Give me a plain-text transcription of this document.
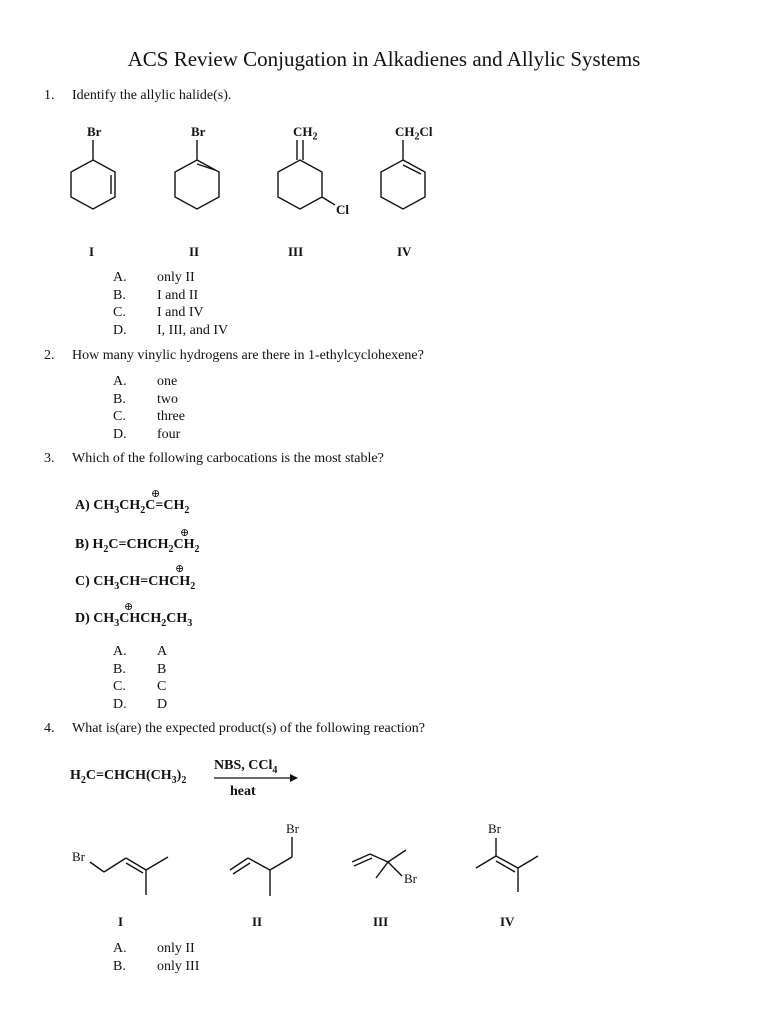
ACS Review Conjugation in Alkadienes and Allylic Systems
1. Identify the allylic halide(s).
Br	Br	$CH_2$	$CH_2Cl$
Cl
I	II	III	IV
A. only II
B. I and II
C. I and IV
D. I, III, and IV
2. How many vinylic hydrogens are there in 1-ethylcyclohexene?
A. one
B. two
C. three
D. four
3. Which of the following carbocations is the most stable?
A) $CH_3CH_2C=CH_2$
⊕
B) $H_2C=CHCH_2CH_2$
⊕
C) $CH_3CH=CHCH_2$
⊕
D) $CH_3CHCH_2CH_3$
⊕
A. A
B. B
C. C
D. D
4. What is(are) the expected product(s) of the following reaction?
$H_2C=CHCH(CH_3)_2$
NBS, CCl$_4$
heat
Br
Br
Br
Br
I	II	III	IV
A. only II
B. only III
